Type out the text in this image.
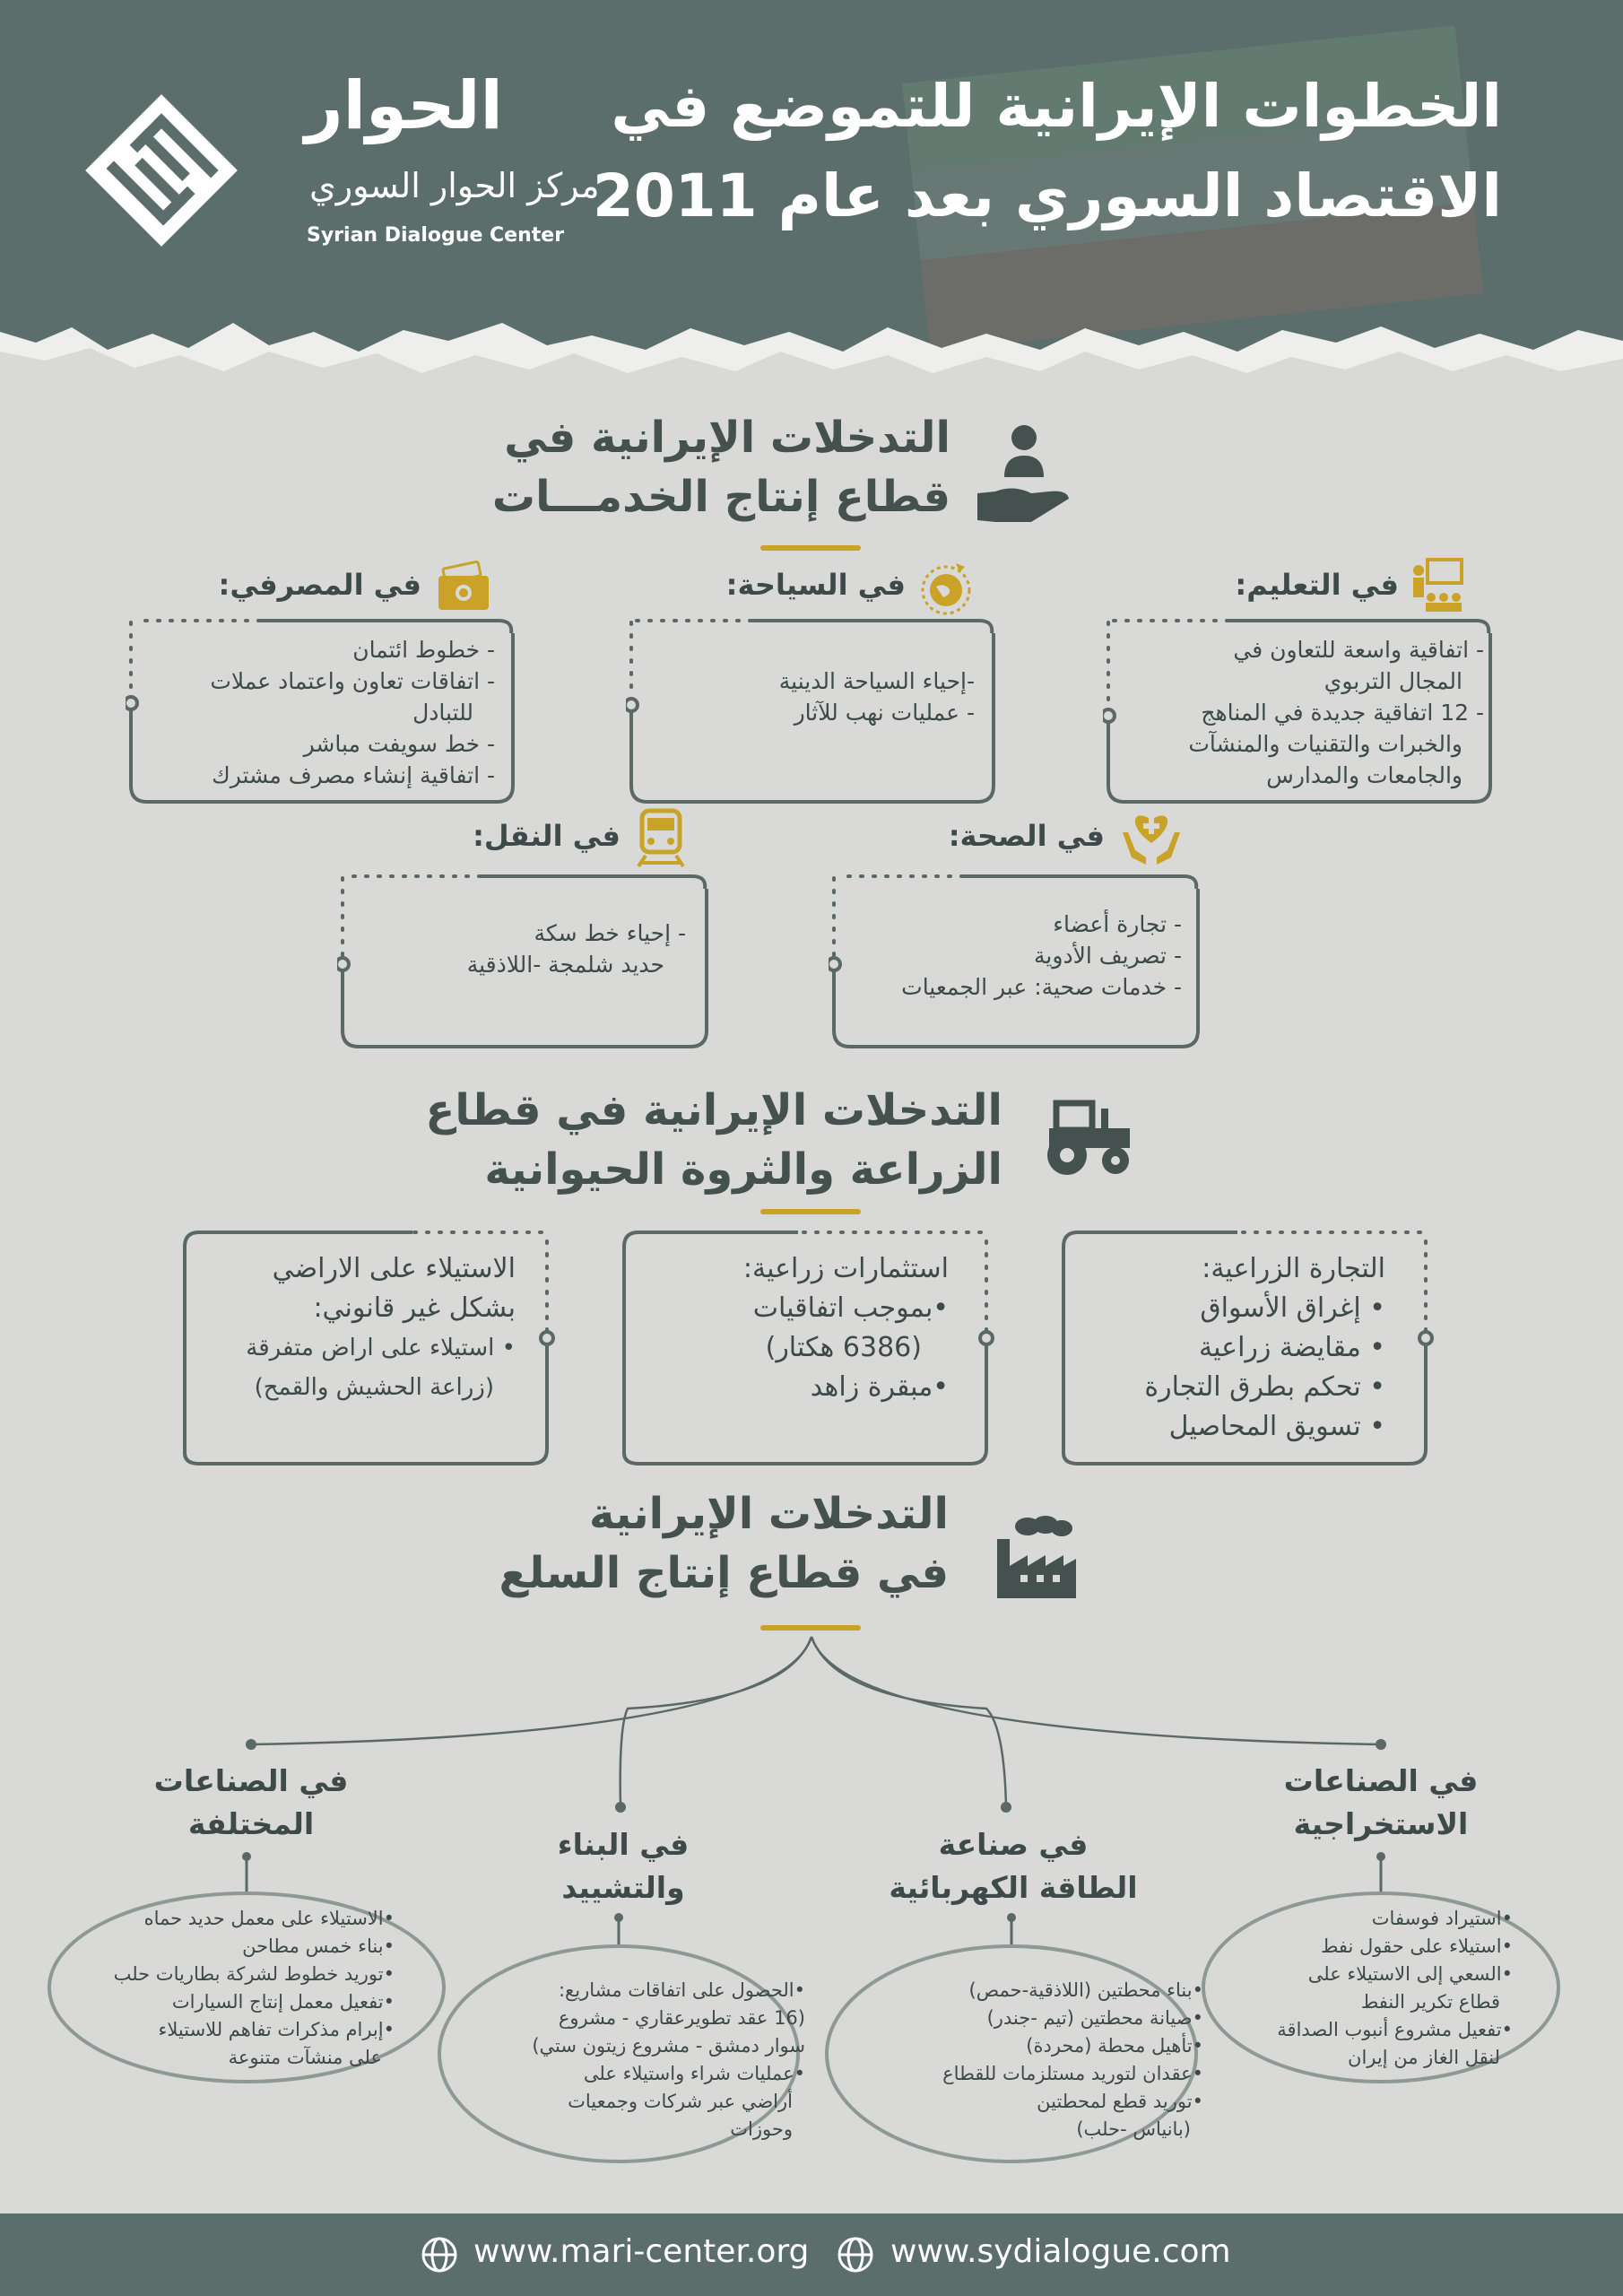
الخطوات الإيرانية للتموضع في
الاقتصاد السوري بعد عام 2011
الحوار
مركز الحوار السوري
Syrian Dialogue Center
التدخلات الإيرانية في
قطاع إنتاج الخدمـــات
في التعليم:
- اتفاقية واسعة للتعاون في
المجال التربوي
- 12 اتفاقية جديدة في المناهج
والخبرات والتقنيات والمنشآت
والجامعات والمدارس
في السياحة:
-إحياء السياحة الدينية
- عمليات نهب للآثار
في المصرفي:
- خطوط ائتمان
- اتفاقات تعاون واعتماد عملات
للتبادل
- خط سويفت مباشر
- اتفاقية إنشاء مصرف مشترك
في الصحة:
- تجارة أعضاء
- تصريف الأدوية
- خدمات صحية: عبر الجمعيات
في النقل:
- إحياء خط سكة
حديد شلمجة -اللاذقية
التدخلات الإيرانية في قطاع
الزراعة والثروة الحيوانية
التجارة الزراعية:
• إغراق الأسواق
• مقايضة زراعية
• تحكم بطرق التجارة
• تسويق المحاصيل
استثمارات زراعية:
•بموجب اتفاقيات
(6386 هكتار)
•مبقرة زاهد
الاستيلاء على الاراضي
بشكل غير قانوني:
• استيلاء على اراض متفرقة
(زراعة الحشيش والقمح)
التدخلات الإيرانية
في قطاع إنتاج السلع
في الصناعات
الاستخراجية
في صناعة
الطاقة الكهربائية
في البناء
والتشييد
في الصناعات
المختلفة
•استيراد فوسفات
•استيلاء على حقول نفط
•السعي إلى الاستيلاء على
قطاع تكرير النفط
•تفعيل مشروع أنبوب الصداقة
لنقل الغاز من إيران
•بناء محطتين (اللاذقية-حمص)
•صيانة محطتين (تيم -جندر)
•تأهيل محطة (محردة)
•عقدان لتوريد مستلزمات للقطاع
•توريد قطع لمحطتين
(بانياس -حلب)
•الحصول على اتفاقات مشاريع:
(16 عقد تطويرعقاري - مشروع
سوار دمشق - مشروع زيتون ستي)
•عمليات شراء واستيلاء على
أراضي عبر شركات وجمعيات
وحوزات
•الاستيلاء على معمل حديد حماه
•بناء خمس مطاحن
•توريد خطوط لشركة بطاريات حلب
•تفعيل معمل إنتاج السيارات
•إبرام مذكرات تفاهم للاستيلاء
على منشآت متنوعة
www.mari-center.org	www.sydialogue.com
